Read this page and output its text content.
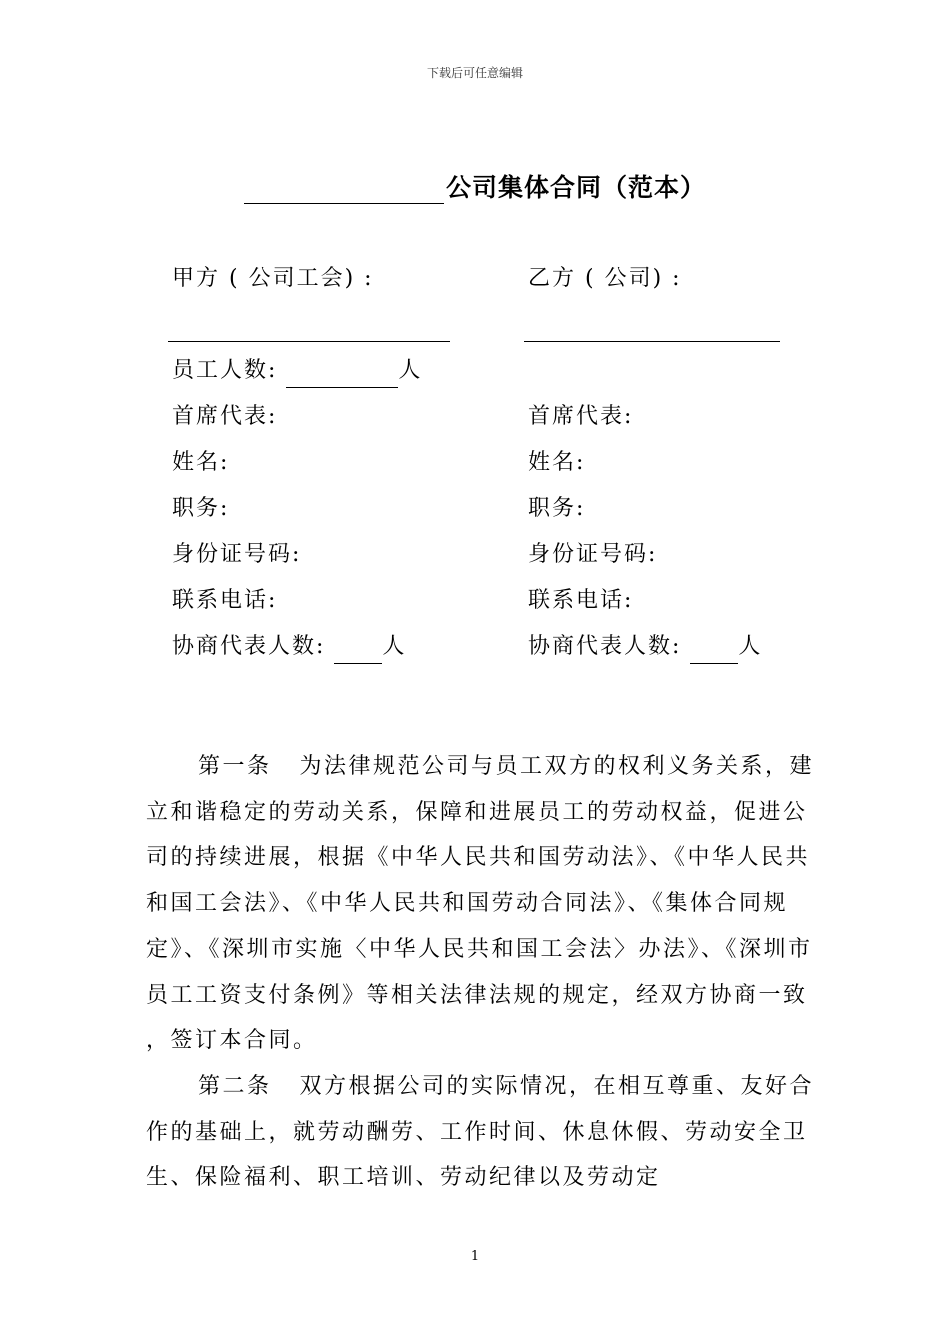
下载后可任意编辑
公司集体合同（范本）
甲方 ( 公司工会) :
员工人数:	人
首席代表:
姓名:
职务:
身份证号码:
联系电话:
协商代表人数:	人
乙方 ( 公司) :
首席代表:
姓名:
职务:
身份证号码:
联系电话:
协商代表人数:	人

第一条 为法律规范公司与员工双方的权利义务关系，建立和谐稳定的劳动关系，保障和进展员工的劳动权益，促进公司的持续进展，根据《中华人民共和国劳动法》、《中华人民共和国工会法》、《中华人民共和国劳动合同法》、《集体合同规定》、《深圳市实施〈中华人民共和国工会法〉办法》、《深圳市员工工资支付条例》等相关法律法规的规定，经双方协商一致 ，签订本合同。

第二条 双方根据公司的实际情况，在相互尊重、友好合作的基础上，就劳动酬劳、工作时间、休息休假、劳动安全卫生、保险福利、职工培训、劳动纪律以及劳动定

1
